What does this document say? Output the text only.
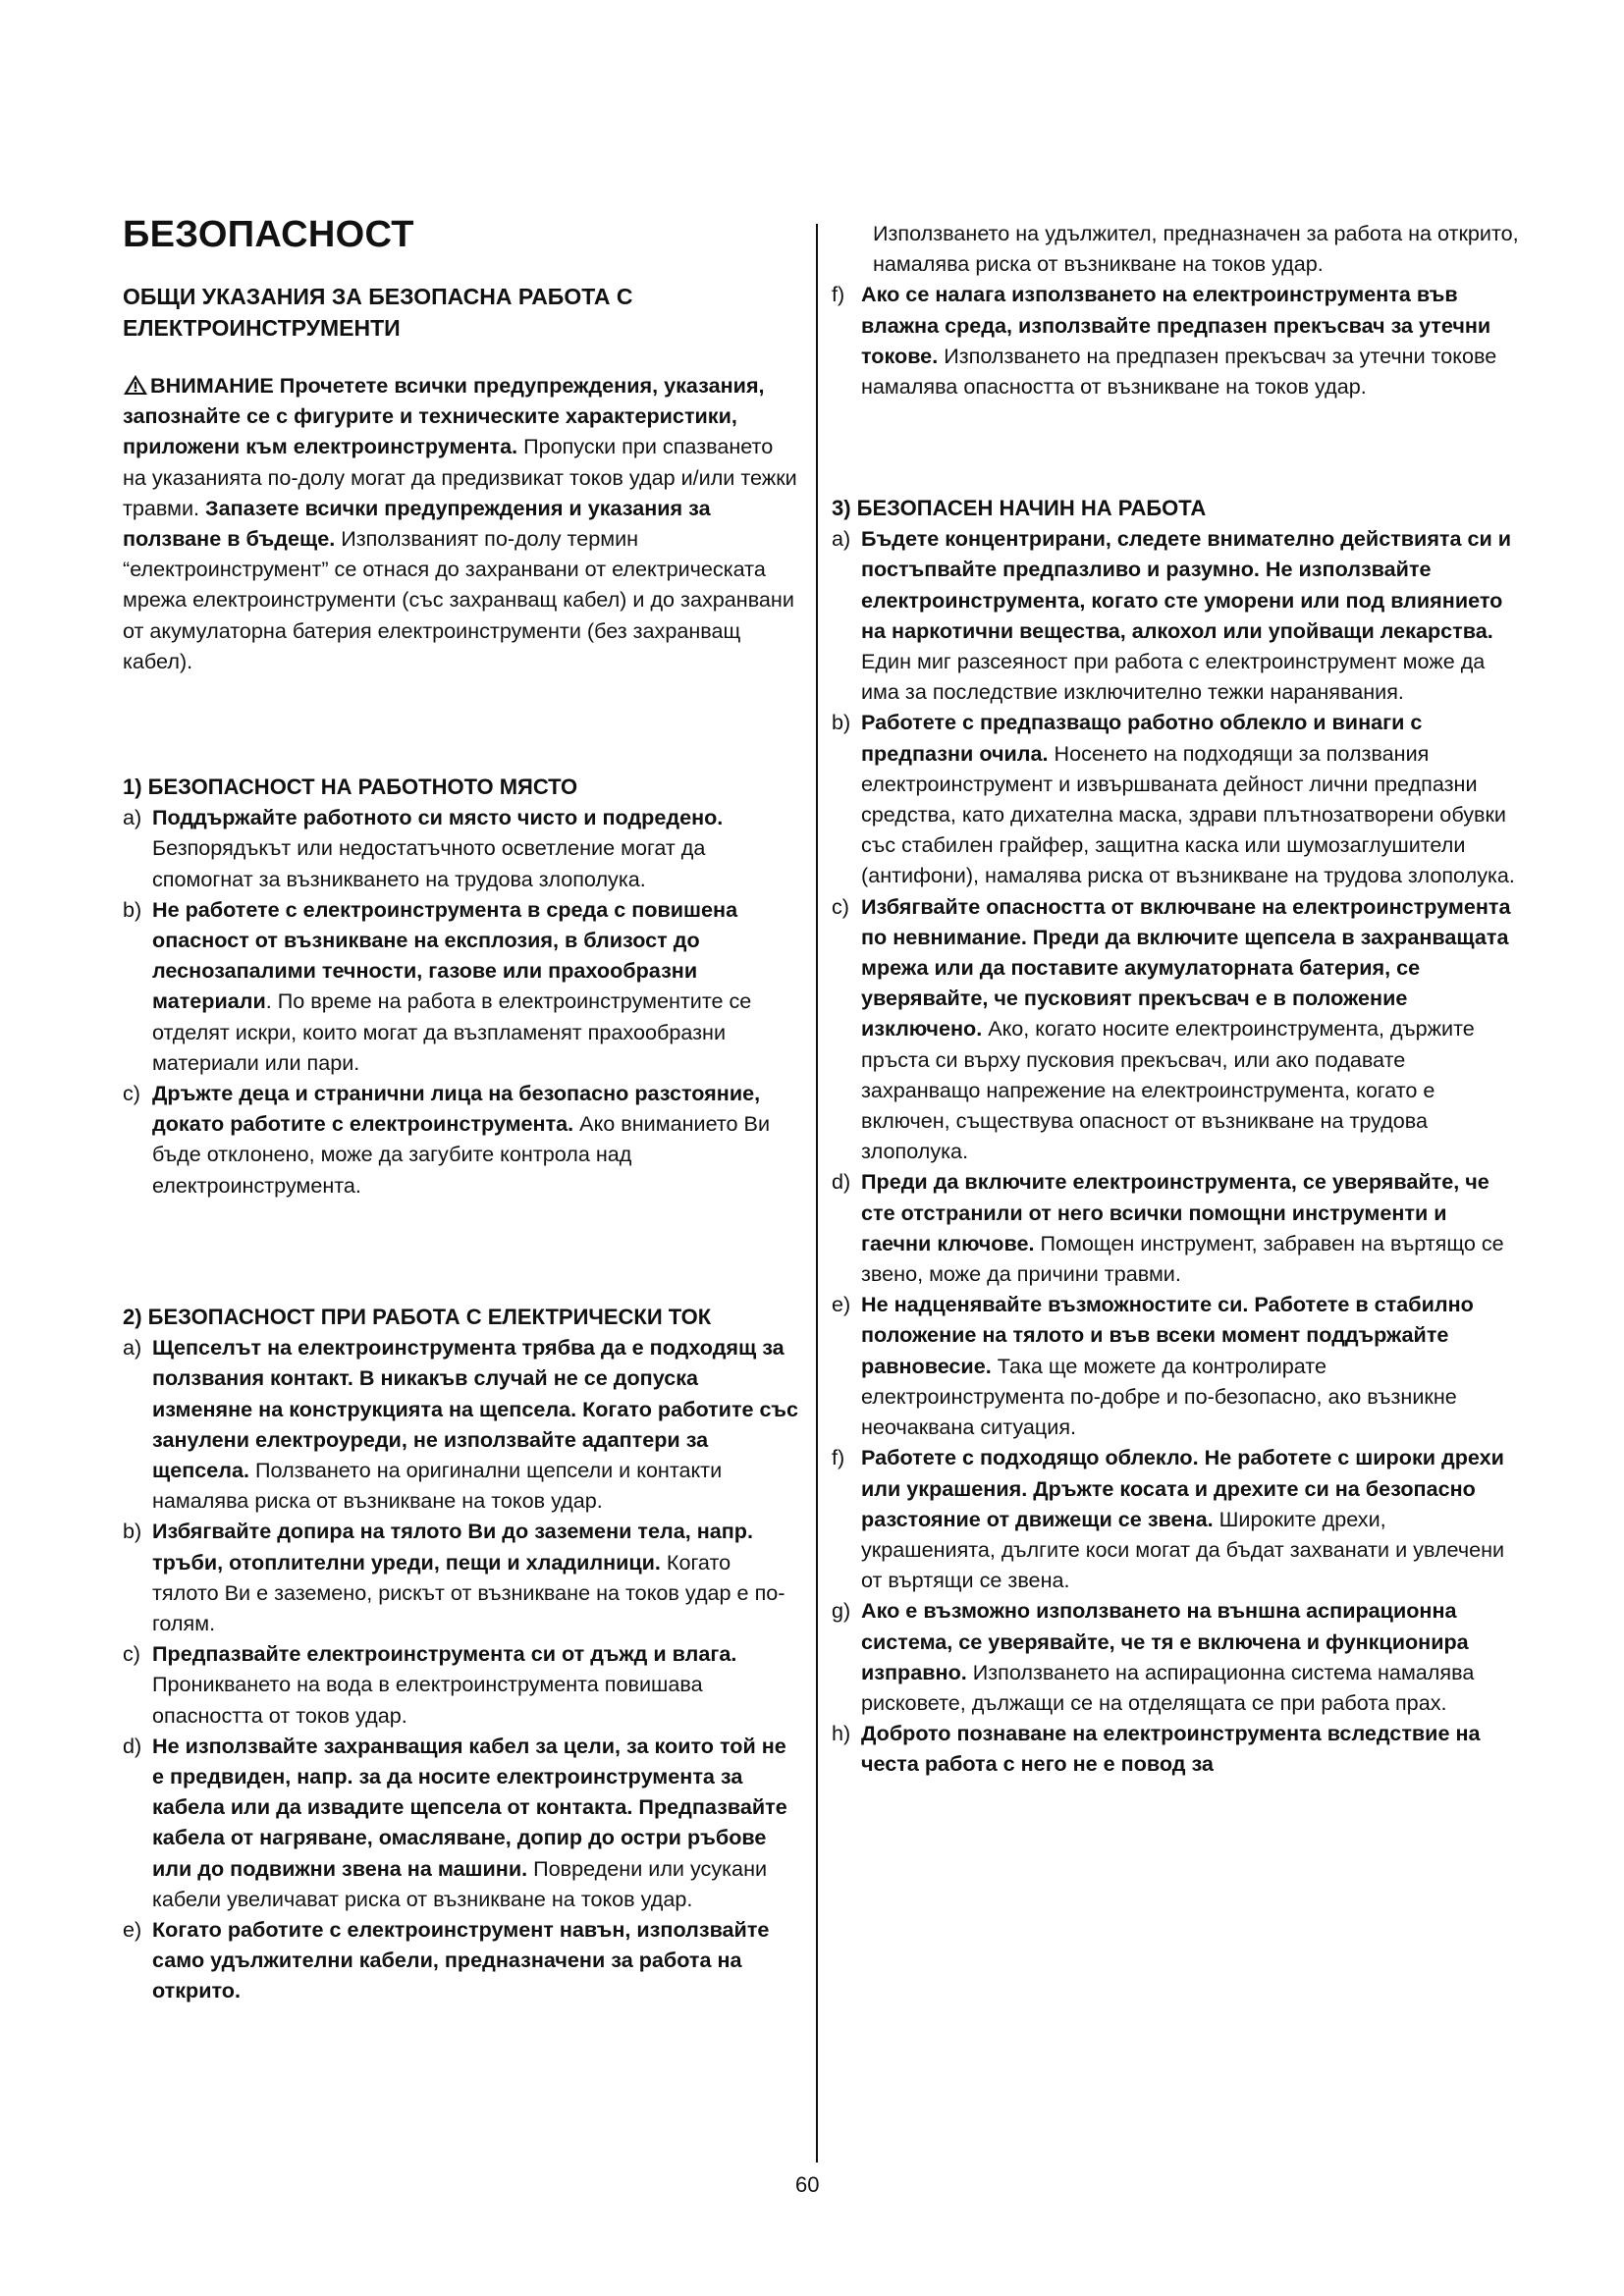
БЕЗОПАСНОСТ
ОБЩИ УКАЗАНИЯ ЗА БЕЗОПАСНА РАБОТА С ЕЛЕКТРОИНСТРУМЕНТИ

ВНИМАНИЕ Прочетете всички предупреждения, указания, запознайте се с фигурите и техническите характеристики, приложени към електроинструмента. Пропуски при спазването на указанията по-долу могат да предизвикат токов удар и/или тежки травми. Запазете всички предупреждения и указания за ползване в бъдеще. Използваният по-долу термин “електроинструмент” се отнася до захранвани от електрическата мрежа електроинструменти (със захранващ кабел) и до захранвани от акумулаторна батерия електроинструменти (без захранващ кабел).

1) БЕЗОПАСНОСТ НА РАБОТНОТО МЯСТО

a) Поддържайте работното си място чисто и подредено. Безпорядъкът или недостатъчното осветление могат да спомогнат за възникването на трудова злополука.
b) Не работете с електроинструмента в среда с повишена опасност от възникване на експлозия, в близост до леснозапалими течности, газове или прахообразни материали. По време на работа в електроинструментите се отделят искри, които могат да възпламенят прахообразни материали или пари.
c) Дръжте деца и странични лица на безопасно разстояние, докато работите с електроинструмента. Ако вниманието Ви бъде отклонено, може да загубите контрола над електроинструмента.

2) БЕЗОПАСНОСТ ПРИ РАБОТА С ЕЛЕКТРИЧЕСКИ ТОК

a) Щепселът на електроинструмента трябва да е подходящ за ползвания контакт. В никакъв случай не се допуска изменяне на конструкцията на щепсела. Когато работите със занулени електроуреди, не използвайте адаптери за щепсела. Ползването на оригинални щепсели и контакти намалява риска от възникване на токов удар.
b) Избягвайте допира на тялото Ви до заземени тела, напр. тръби, отоплителни уреди, пещи и хладилници. Когато тялото Ви е заземено, рискът от възникване на токов удар е по-голям.
c) Предпазвайте електроинструмента си от дъжд и влага. Проникването на вода в електроинструмента повишава опасността от токов удар.
d) Не използвайте захранващия кабел за цели, за които той не е предвиден, напр. за да носите електроинструмента за кабела или да извадите щепсела от контакта. Предпазвайте кабела от нагряване, омасляване, допир до остри ръбове или до подвижни звена на машини. Повредени или усукани кабели увеличават риска от възникване на токов удар.
e) Когато работите с електроинструмент навън, използвайте само удължителни кабели, предназначени за работа на открито.

Използването на удължител, предназначен за работа на открито, намалява риска от възникване на токов удар.

f) Ако се налага използването на електроинструмента във влажна среда, използвайте предпазен прекъсвач за утечни токове. Използването на предпазен прекъсвач за утечни токове намалява опасността от възникване на токов удар.

3) БЕЗОПАСЕН НАЧИН НА РАБОТА

a) Бъдете концентрирани, следете внимателно действията си и постъпвайте предпазливо и разумно. Не използвайте електроинструмента, когато сте уморени или под влиянието на наркотични вещества, алкохол или упойващи лекарства. Един миг разсеяност при работа с електроинструмент може да има за последствие изключително тежки наранявания.
b) Работете с предпазващо работно облекло и винаги с предпазни очила. Носенето на подходящи за ползвания електроинструмент и извършваната дейност лични предпазни средства, като дихателна маска, здрави плътнозатворени обувки със стабилен грайфер, защитна каска или шумозаглушители (антифони), намалява риска от възникване на трудова злополука.
c) Избягвайте опасността от включване на електроинструмента по невнимание. Преди да включите щепсела в захранващата мрежа или да поставите акумулаторната батерия, се уверявайте, че пусковият прекъсвач е в положение изключено. Ако, когато носите електроинструмента, държите пръста си върху пусковия прекъсвач, или ако подавате захранващо напрежение на електроинструмента, когато е включен, съществува опасност от възникване на трудова злополука.
d) Преди да включите електроинструмента, се уверявайте, че сте отстранили от него всички помощни инструменти и гаечни ключове. Помощен инструмент, забравен на въртящо се звено, може да причини травми.
e) Не надценявайте възможностите си. Работете в стабилно положение на тялото и във всеки момент поддържайте равновесие. Така ще можете да контролирате електроинструмента по-добре и по-безопасно, ако възникне неочаквана ситуация.
f) Работете с подходящо облекло. Не работете с широки дрехи или украшения. Дръжте косата и дрехите си на безопасно разстояние от движещи се звена. Широките дрехи, украшенията, дългите коси могат да бъдат захванати и увлечени от въртящи се звена.
g) Ако е възможно използването на външна аспирационна система, се уверявайте, че тя е включена и функционира изправно. Използването на аспирационна система намалява рисковете, дължащи се на отделящата се при работа прах.
h) Доброто познаване на електроинструмента вследствие на честа работа с него не е повод за
60
